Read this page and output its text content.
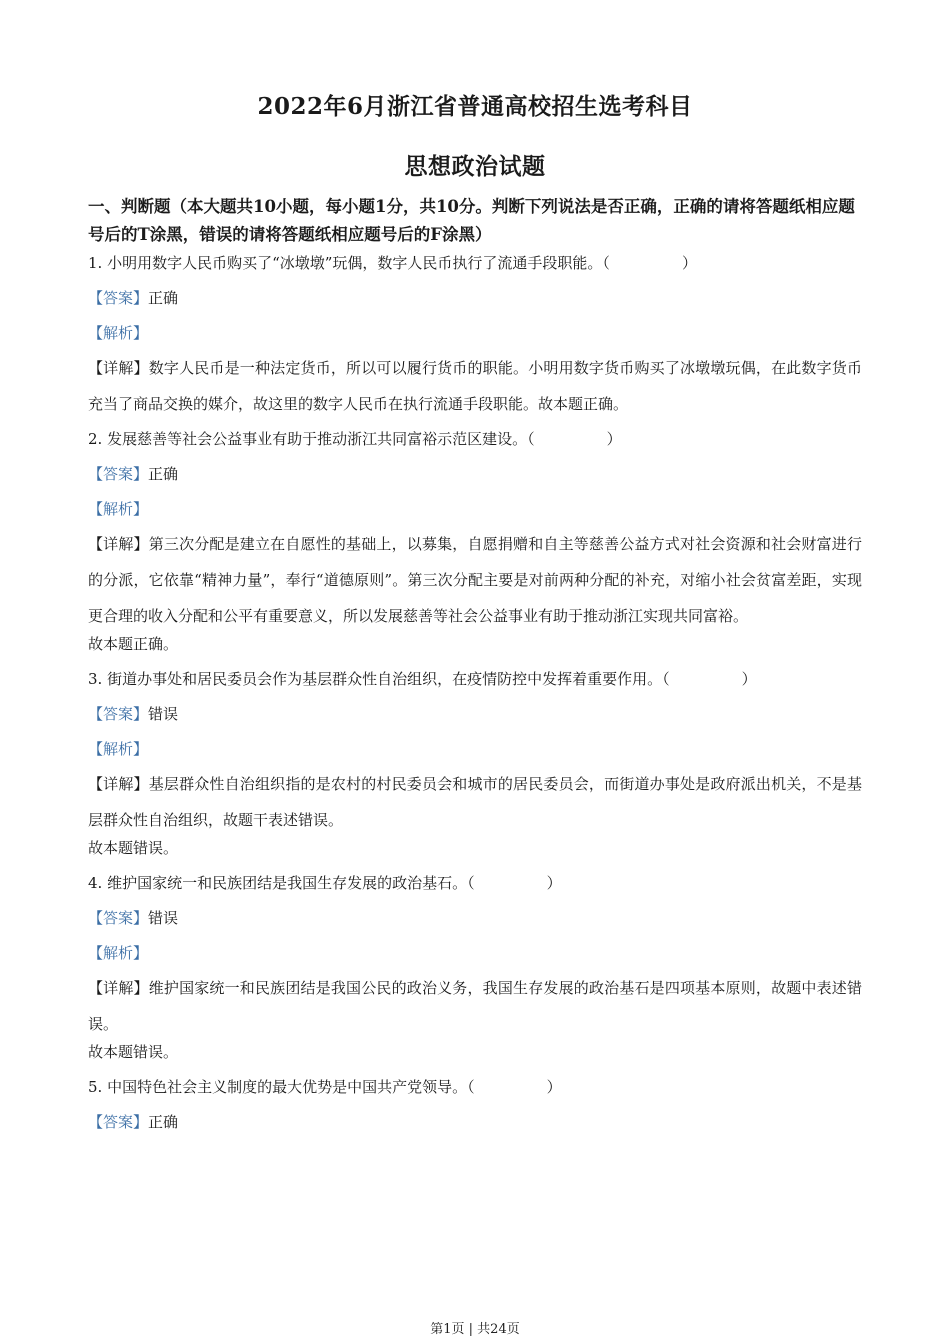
2022年6月浙江省普通高校招生选考科目
思想政治试题
一、判断题（本大题共10小题，每小题1分，共10分。判断下列说法是否正确，正确的请将答题纸相应题号后的T涂黑，错误的请将答题纸相应题号后的F涂黑）
1. 小明用数字人民币购买了“冰墩墩”玩偶，数字人民币执行了流通手段职能。（	）
【答案】正确
【解析】
【详解】数字人民币是一种法定货币，所以可以履行货币的职能。小明用数字货币购买了冰墩墩玩偶，在此数字货币充当了商品交换的媒介，故这里的数字人民币在执行流通手段职能。故本题正确。
2. 发展慈善等社会公益事业有助于推动浙江共同富裕示范区建设。（	）
【答案】正确
【解析】
【详解】第三次分配是建立在自愿性的基础上，以募集，自愿捐赠和自主等慈善公益方式对社会资源和社会财富进行的分派，它依靠“精神力量”，奉行“道德原则”。第三次分配主要是对前两种分配的补充，对缩小社会贫富差距，实现更合理的收入分配和公平有重要意义，所以发展慈善等社会公益事业有助于推动浙江实现共同富裕。
故本题正确。
3. 街道办事处和居民委员会作为基层群众性自治组织，在疫情防控中发挥着重要作用。（	）
【答案】错误
【解析】
【详解】基层群众性自治组织指的是农村的村民委员会和城市的居民委员会，而街道办事处是政府派出机关，不是基层群众性自治组织，故题干表述错误。
故本题错误。
4. 维护国家统一和民族团结是我国生存发展的政治基石。（	）
【答案】错误
【解析】
【详解】维护国家统一和民族团结是我国公民的政治义务，我国生存发展的政治基石是四项基本原则，故题中表述错误。
故本题错误。
5. 中国特色社会主义制度的最大优势是中国共产党领导。（	）
【答案】正确
第1页 | 共24页
